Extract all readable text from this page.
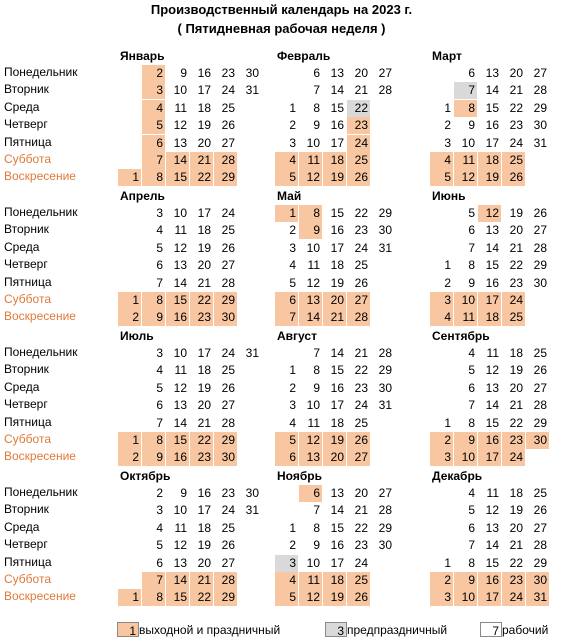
Производственный календарь на 2023 г.
( Пятидневная рабочая неделя )
Понедельник
Вторник
Среда
Четверг
Пятница
Суббота
Воскресение
Понедельник
Вторник
Среда
Четверг
Пятница
Суббота
Воскресение
Понедельник
Вторник
Среда
Четверг
Пятница
Суббота
Воскресение
Понедельник
Вторник
Среда
Четверг
Пятница
Суббота
Воскресение
Январь
1
2
3
4
5
6
7
8
9
10
11
12
13
14
15
16
17
18
19
20
21
22
23
24
25
26
27
28
29
30
31
Февраль
1
2
3
4
5
6
7
8
9
10
11
12
13
14
15
16
17
18
19
20
21
22
23
24
25
26
27
28
Март
1
2
3
4
5
6
7
8
9
10
11
12
13
14
15
16
17
18
19
20
21
22
23
24
25
26
27
28
29
30
31
Апрель
1
2
3
4
5
6
7
8
9
10
11
12
13
14
15
16
17
18
19
20
21
22
23
24
25
26
27
28
29
30
Май
1
2
3
4
5
6
7
8
9
10
11
12
13
14
15
16
17
18
19
20
21
22
23
24
25
26
27
28
29
30
31
Июнь
1
2
3
4
5
6
7
8
9
10
11
12
13
14
15
16
17
18
19
20
21
22
23
24
25
26
27
28
29
30
Июль
1
2
3
4
5
6
7
8
9
10
11
12
13
14
15
16
17
18
19
20
21
22
23
24
25
26
27
28
29
30
31
Август
1
2
3
4
5
6
7
8
9
10
11
12
13
14
15
16
17
18
19
20
21
22
23
24
25
26
27
28
29
30
31
Сентябрь
1
2
3
4
5
6
7
8
9
10
11
12
13
14
15
16
17
18
19
20
21
22
23
24
25
26
27
28
29
30
Октябрь
1
2
3
4
5
6
7
8
9
10
11
12
13
14
15
16
17
18
19
20
21
22
23
24
25
26
27
28
29
30
31
Ноябрь
1
2
3
4
5
6
7
8
9
10
11
12
13
14
15
16
17
18
19
20
21
22
23
24
25
26
27
28
29
30
Декабрь
1
2
3
4
5
6
7
8
9
10
11
12
13
14
15
16
17
18
19
20
21
22
23
24
25
26
27
28
29
30
31
1 выходной и праздничный	3 предпраздничный	7 рабочий
